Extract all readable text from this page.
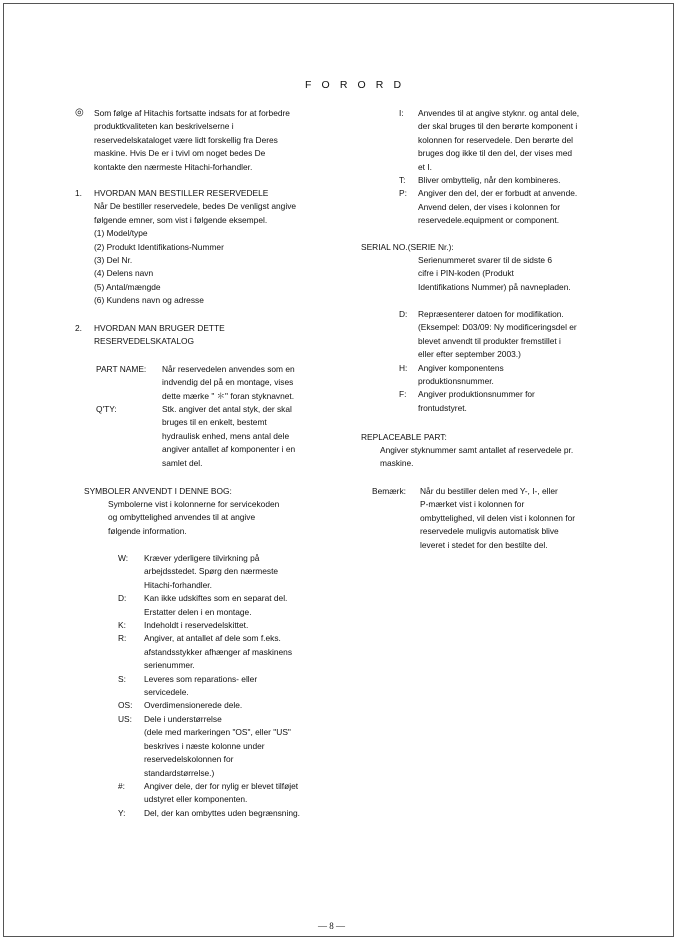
F O R O R D
◎ Som følge af Hitachis fortsatte indsats for at forbedre
produktkvaliteten kan beskrivelserne i
reservedelskataloget være lidt forskellig fra Deres
maskine. Hvis De er i tvivl om noget bedes De
kontakte den nærmeste Hitachi-forhandler.
1. HVORDAN MAN BESTILLER RESERVEDELE
Når De bestiller reservedele, bedes De venligst angive
følgende emner, som vist i følgende eksempel.
(1) Model/type
(2) Produkt Identifikations-Nummer
(3) Del Nr.
(4) Delens navn
(5) Antal/mængde
(6) Kundens navn og adresse
2. HVORDAN MAN BRUGER DETTE
RESERVEDELSKATALOG
PART NAME: Når reservedelen anvendes som en
indvendig del på en montage, vises
dette mærke " ＊" foran styknavnet.
Q'TY:	Stk. angiver det antal styk, der skal
bruges til en enkelt, bestemt
hydraulisk enhed, mens antal dele
angiver antallet af komponenter i en
samlet del.
SYMBOLER ANVENDT I DENNE BOG:
Symbolerne vist i kolonnerne for servicekoden
og ombyttelighed anvendes til at angive
følgende information.
W: Kræver yderligere tilvirkning på
arbejdsstedet. Spørg den nærmeste
Hitachi-forhandler.
D: Kan ikke udskiftes som en separat del.
Erstatter delen i en montage.
K: Indeholdt i reservedelskittet.
R: Angiver, at antallet af dele som f.eks.
afstandsstykker afhænger af maskinens
serienummer.
S: Leveres som reparations- eller
servicedele.
OS: Overdimensionerede dele.
US: Dele i understørrelse
(dele med markeringen "OS", eller "US"
beskrives i næste kolonne under
reservedelskolonnen for
standardstørrelse.)
#: Angiver dele, der for nylig er blevet tilføjet
udstyret eller komponenten.
Y: Del, der kan ombyttes uden begrænsning.
I: Anvendes til at angive styknr. og antal dele,
der skal bruges til den berørte komponent i
kolonnen for reservedele. Den berørte del
bruges dog ikke til den del, der vises med
et I.
T: Bliver ombyttelig, når den kombineres.
P: Angiver den del, der er forbudt at anvende.
Anvend delen, der vises i kolonnen for
reservedele.equipment or component.
SERIAL NO.(SERIE Nr.):
Serienummeret svarer til de sidste 6
cifre i PIN-koden (Produkt
Identifikations Nummer) på navnepladen.
D: Repræsenterer datoen for modifikation.
(Eksempel: D03/09: Ny modificeringsdel er
blevet anvendt til produkter fremstillet i
eller efter september 2003.)
H: Angiver komponentens
produktionsnummer.
F: Angiver produktionsnummer for
frontudstyret.
REPLACEABLE PART:
Angiver styknummer samt antallet af reservedele pr.
maskine.
Bemærk: Når du bestiller delen med Y-, I-, eller
P-mærket vist i kolonnen for
ombyttelighed, vil delen vist i kolonnen for
reservedele muligvis automatisk blive
leveret i stedet for den bestilte del.
— 8 —
